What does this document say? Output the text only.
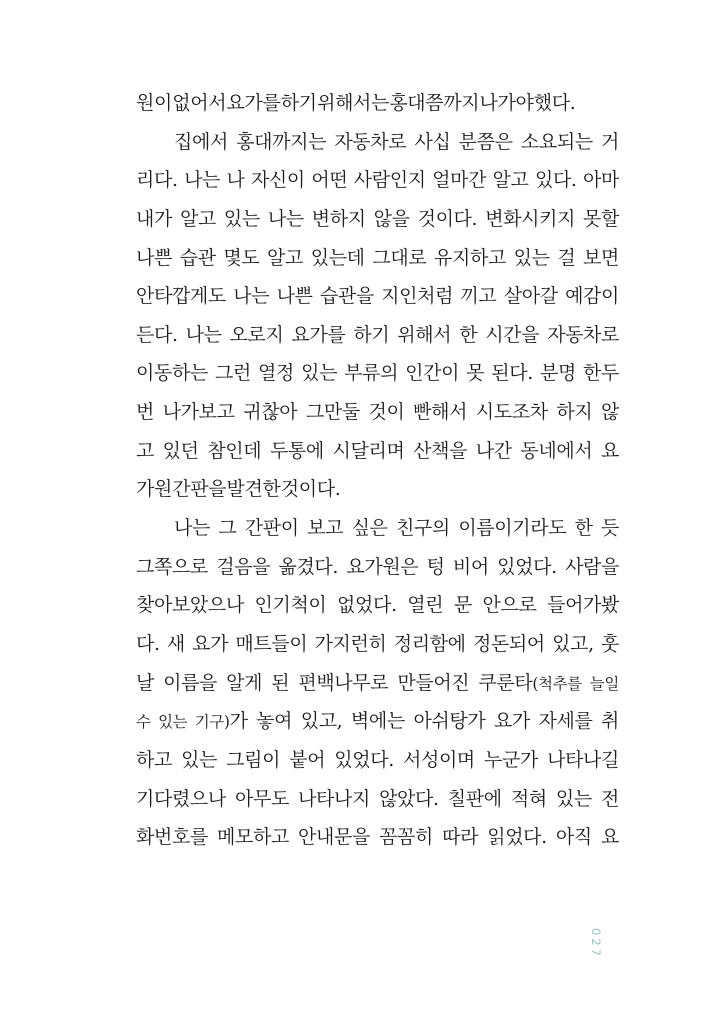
원이 없어서 요가를 하기 위해서는 홍대쯤까지 나가야 했다.
집에서 홍대까지는 자동차로 사십 분쯤은 소요되는 거
리다. 나는 나 자신이 어떤 사람인지 얼마간 알고 있다. 아마
내가 알고 있는 나는 변하지 않을 것이다. 변화시키지 못할
나쁜 습관 몇도 알고 있는데 그대로 유지하고 있는 걸 보면
안타깝게도 나는 나쁜 습관을 지인처럼 끼고 살아갈 예감이
든다. 나는 오로지 요가를 하기 위해서 한 시간을 자동차로
이동하는 그런 열정 있는 부류의 인간이 못 된다. 분명 한두
번 나가보고 귀찮아 그만둘 것이 빤해서 시도조차 하지 않
고 있던 참인데 두통에 시달리며 산책을 나간 동네에서 요
가원 간판을 발견한 것이다.
나는 그 간판이 보고 싶은 친구의 이름이기라도 한 듯
그쪽으로 걸음을 옮겼다. 요가원은 텅 비어 있었다. 사람을
찾아보았으나 인기척이 없었다. 열린 문 안으로 들어가봤
다. 새 요가 매트들이 가지런히 정리함에 정돈되어 있고, 훗
날 이름을 알게 된 편백나무로 만들어진 쿠룬타(척추를 늘일
수 있는 기구)가 놓여 있고, 벽에는 아쉬탕가 요가 자세를 취
하고 있는 그림이 붙어 있었다. 서성이며 누군가 나타나길
기다렸으나 아무도 나타나지 않았다. 칠판에 적혀 있는 전
화번호를 메모하고 안내문을 꼼꼼히 따라 읽었다. 아직 요
027
